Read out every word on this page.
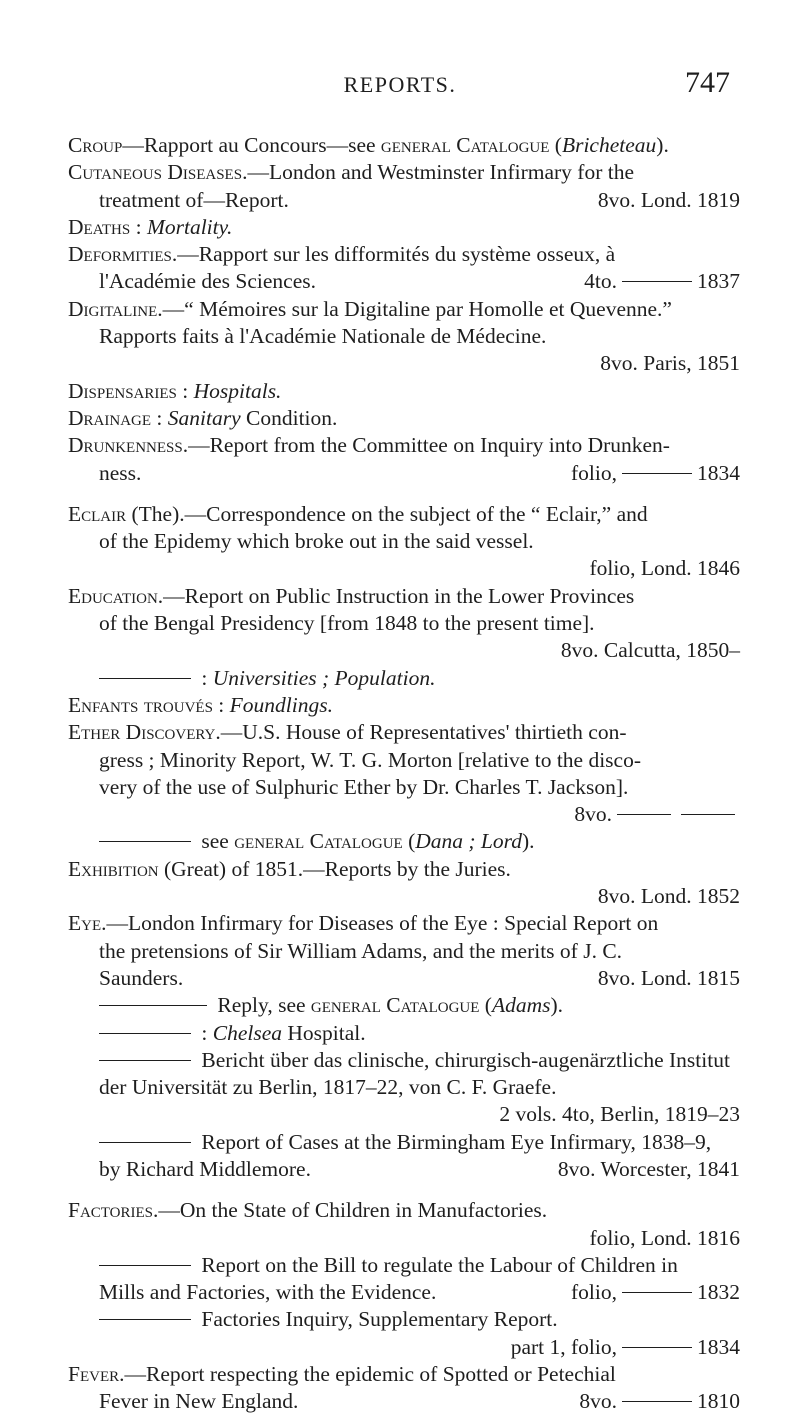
REPORTS.	747
Croup—Rapport au Concours—see general Catalogue (Bricheteau).
Cutaneous Diseases.—London and Westminster Infirmary for the
treatment of—Report.	8vo. Lond. 1819
Deaths : Mortality.
Deformities.—Rapport sur les difformités du système osseux, à
l'Académie des Sciences.	4to.	1837
Digitaline.—“ Mémoires sur la Digitaline par Homolle et Quevenne.”
Rapports faits à l'Académie Nationale de Médecine.
8vo. Paris, 1851
Dispensaries : Hospitals.
Drainage : Sanitary Condition.
Drunkenness.—Report from the Committee on Inquiry into Drunken-
ness.	folio,	1834
Eclair (The).—Correspondence on the subject of the “ Eclair,” and
of the Epidemy which broke out in the said vessel.
folio, Lond. 1846
Education.—Report on Public Instruction in the Lower Provinces
of the Bengal Presidency [from 1848 to the present time].
8vo. Calcutta, 1850–
: Universities ; Population.
Enfants trouvés : Foundlings.
Ether Discovery.—U.S. House of Representatives' thirtieth con-
gress ; Minority Report, W. T. G. Morton [relative to the disco-
very of the use of Sulphuric Ether by Dr. Charles T. Jackson].
8vo.
see general Catalogue (Dana ; Lord).
Exhibition (Great) of 1851.—Reports by the Juries.
8vo. Lond. 1852
Eye.—London Infirmary for Diseases of the Eye : Special Report on
the pretensions of Sir William Adams, and the merits of J. C.
Saunders.	8vo. Lond. 1815
Reply, see general Catalogue (Adams).
: Chelsea Hospital.
Bericht über das clinische, chirurgisch-augenärztliche Institut
der Universität zu Berlin, 1817–22, von C. F. Graefe.
2 vols. 4to, Berlin, 1819–23
Report of Cases at the Birmingham Eye Infirmary, 1838–9,
by Richard Middlemore.	8vo. Worcester, 1841
Factories.—On the State of Children in Manufactories.
folio, Lond. 1816
Report on the Bill to regulate the Labour of Children in
Mills and Factories, with the Evidence.	folio,	1832
Factories Inquiry, Supplementary Report.
part 1, folio,	1834
Fever.—Report respecting the epidemic of Spotted or Petechial
Fever in New England.	8vo.	1810
